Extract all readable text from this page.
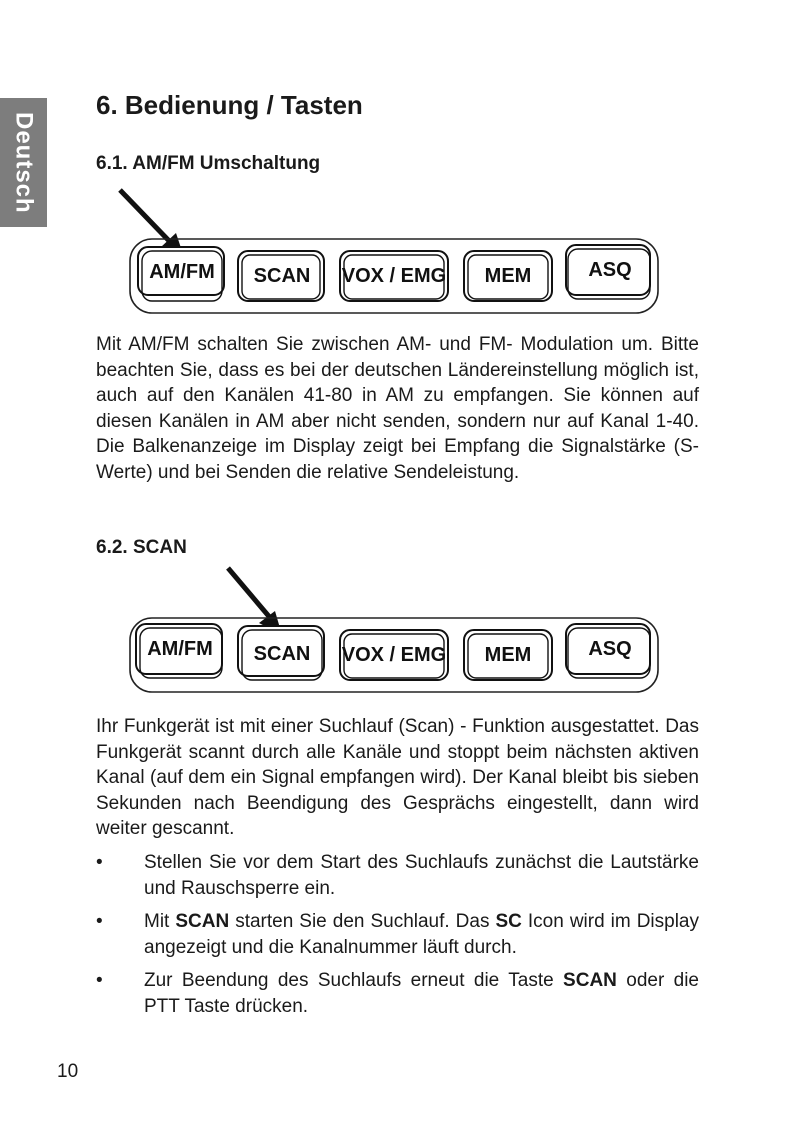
Deutsch
6. Bedienung / Tasten
6.1. AM/FM Umschaltung
AM/FM SCAN VOX / EMG MEM	ASQ

Mit AM/FM schalten Sie zwischen AM- und FM- Modulation um. Bitte beachten Sie, dass es bei der deutschen Ländereinstellung möglich ist, auch auf den Kanälen 41-80 in AM zu empfangen. Sie können auf diesen Kanälen in AM aber nicht senden, sondern nur auf Kanal 1-40. Die Balkenanzeige im Display zeigt bei Empfang die Signalstärke (S-Werte) und bei Senden die relative Sendeleistung.

6.2. SCAN
AM/FM SCAN VOX / EMG MEM	ASQ

Ihr Funkgerät ist mit einer Suchlauf (Scan) - Funktion ausgestattet. Das Funkgerät scannt durch alle Kanäle und stoppt beim nächsten aktiven Kanal (auf dem ein Signal empfangen wird). Der Kanal bleibt bis sieben Sekunden nach Beendigung des Gesprächs eingestellt, dann wird weiter gescannt.

• Stellen Sie vor dem Start des Suchlaufs zunächst die Lautstärke und Rauschsperre ein.
• Mit SCAN starten Sie den Suchlauf. Das SC Icon wird im Display angezeigt und die Kanalnummer läuft durch.
• Zur Beendung des Suchlaufs erneut die Taste SCAN oder die PTT Taste drücken.
10
